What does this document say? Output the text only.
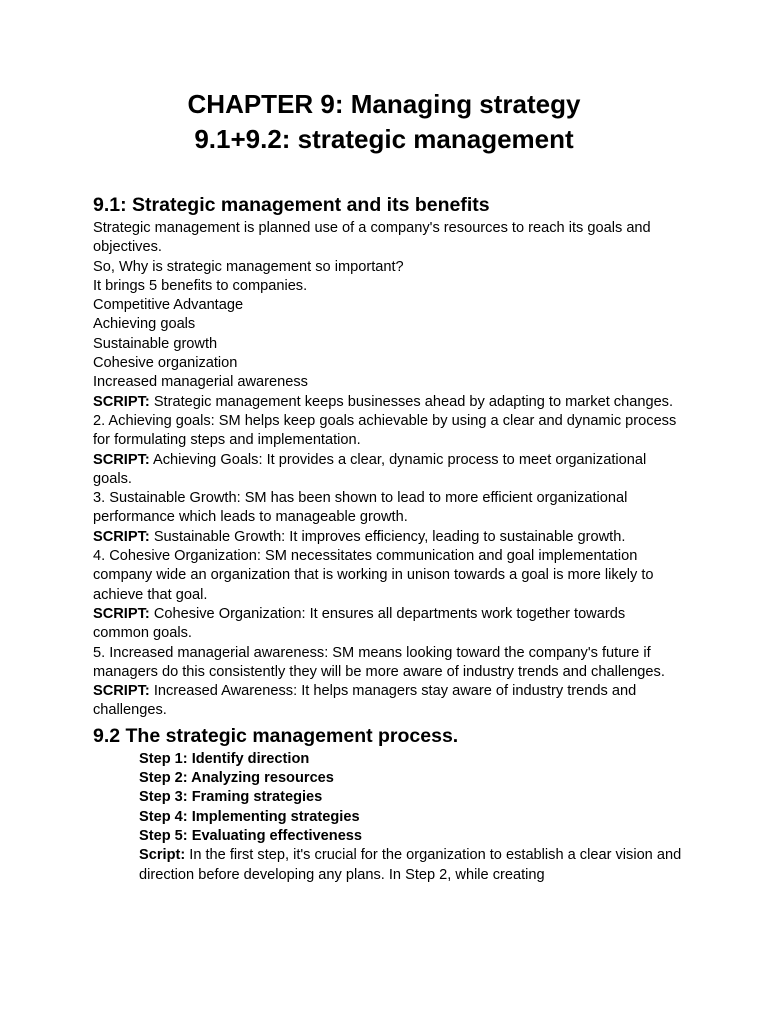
CHAPTER 9: Managing strategy
9.1+9.2: strategic management
9.1: Strategic management and its benefits

Strategic management is planned use of a company's resources to reach its goals and objectives.

So, Why is strategic management so important?

It brings 5 benefits to companies.

Competitive Advantage

Achieving goals

Sustainable growth

Cohesive organization

Increased managerial awareness

SCRIPT: Strategic management keeps businesses ahead by adapting to market changes.

2. Achieving goals: SM helps keep goals achievable by using a clear and dynamic process for formulating steps and implementation.

SCRIPT: Achieving Goals: It provides a clear, dynamic process to meet organizational goals.

3. Sustainable Growth: SM has been shown to lead to more efficient organizational performance which leads to manageable growth.

SCRIPT: Sustainable Growth: It improves efficiency, leading to sustainable growth.

4. Cohesive Organization: SM necessitates communication and goal implementation company wide an organization that is working in unison towards a goal is more likely to achieve that goal.

SCRIPT: Cohesive Organization: It ensures all departments work together towards common goals.

5. Increased managerial awareness: SM means looking toward the company's future if managers do this consistently they will be more aware of industry trends and challenges.

SCRIPT: Increased Awareness: It helps managers stay aware of industry trends and challenges.

9.2 The strategic management process.

Step 1: Identify direction

Step 2: Analyzing resources

Step 3: Framing strategies

Step 4: Implementing strategies

Step 5: Evaluating effectiveness

Script: In the first step, it's crucial for the organization to establish a clear vision and direction before developing any plans. In Step 2, while creating
